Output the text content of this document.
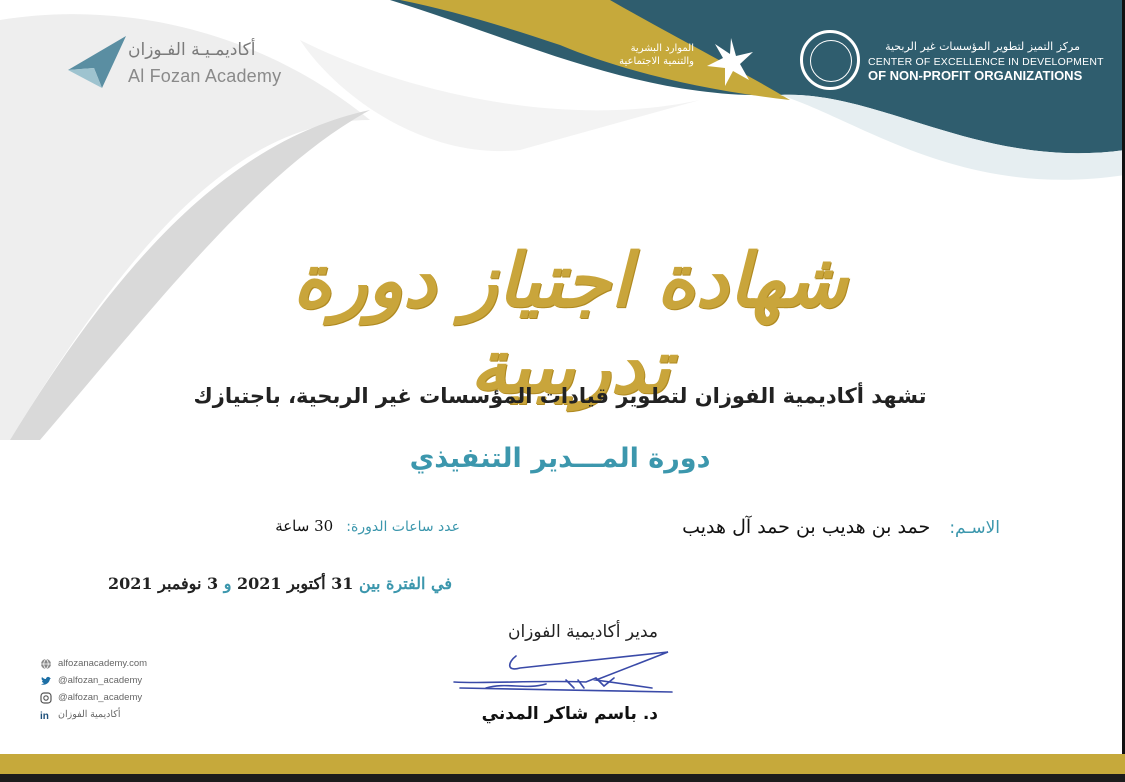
أكاديمـيـة الفـوزان
Al Fozan Academy
الموارد البشرية
والتنمية الاجتماعية
مركز التميز لتطوير المؤسسات غير الربحية
CENTER OF EXCELLENCE IN DEVELOPMENT
OF NON-PROFIT ORGANIZATIONS
شهادة اجتياز دورة تدريبية
تشهد أكاديمية الفوزان لتطوير قيادات المؤسسات غير الربحية، باجتيازك
دورة المـــدير التنفيذي
الاسـم: حمد بن هديب بن حمد آل هديب
عدد ساعات الدورة: 30 ساعة
في الفترة بين 31 أكتوبر 2021 و 3 نوفمبر 2021
مدير أكاديمية الفوزان
د. باسم شاكر المدني
alfozanacademy.com
@alfozan_academy
@alfozan_academy
in أكاديمية الفوزان
